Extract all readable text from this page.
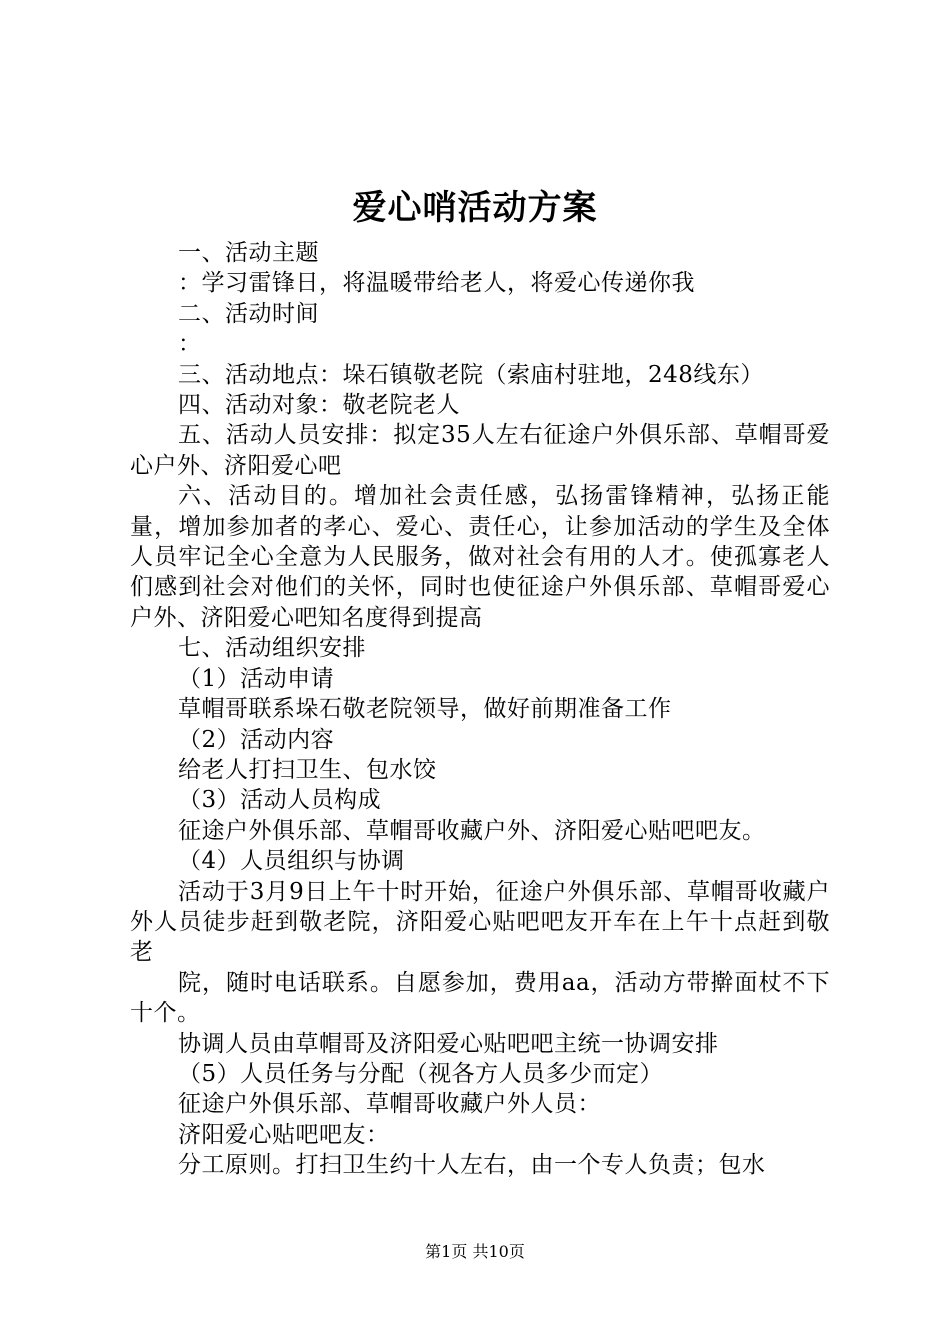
爱心哨活动方案

一、活动主题

：学习雷锋日，将温暖带给老人，将爱心传递你我

二、活动时间

：

三、活动地点：垛石镇敬老院（索庙村驻地，248线东）

四、活动对象：敬老院老人

五、活动人员安排：拟定35人左右征途户外俱乐部、草帽哥爱心户外、济阳爱心吧

六、活动目的。增加社会责任感，弘扬雷锋精神，弘扬正能量，增加参加者的孝心、爱心、责任心，让参加活动的学生及全体人员牢记全心全意为人民服务，做对社会有用的人才。使孤寡老人们感到社会对他们的关怀，同时也使征途户外俱乐部、草帽哥爱心户外、济阳爱心吧知名度得到提高

七、活动组织安排

（1）活动申请

草帽哥联系垛石敬老院领导，做好前期准备工作

（2）活动内容

给老人打扫卫生、包水饺

（3）活动人员构成

征途户外俱乐部、草帽哥收藏户外、济阳爱心贴吧吧友。

（4）人员组织与协调

活动于3月9日上午十时开始，征途户外俱乐部、草帽哥收藏户外人员徒步赶到敬老院，济阳爱心贴吧吧友开车在上午十点赶到敬老

院，随时电话联系。自愿参加，费用aa，活动方带擀面杖不下十个。

协调人员由草帽哥及济阳爱心贴吧吧主统一协调安排

（5）人员任务与分配（视各方人员多少而定）

征途户外俱乐部、草帽哥收藏户外人员：

济阳爱心贴吧吧友：

分工原则。打扫卫生约十人左右，由一个专人负责；包水

第1页 共10页
